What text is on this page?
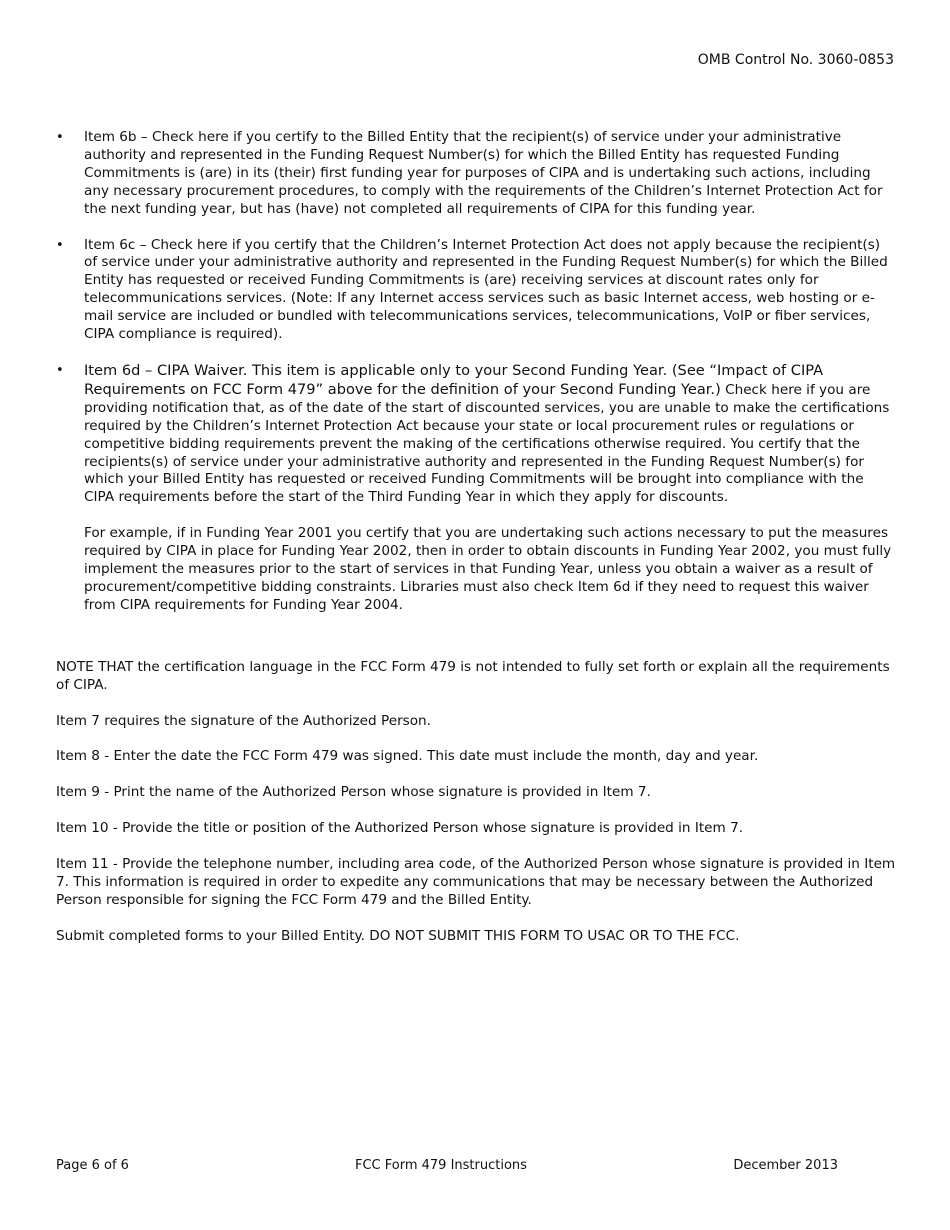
OMB Control No. 3060-0853
• Item 6b – Check here if you certify to the Billed Entity that the recipient(s) of service under your administrative authority and represented in the Funding Request Number(s) for which the Billed Entity has requested Funding Commitments is (are) in its (their) first funding year for purposes of CIPA and is undertaking such actions, including any necessary procurement procedures, to comply with the requirements of the Children’s Internet Protection Act for the next funding year, but has (have) not completed all requirements of CIPA for this funding year.

• Item 6c – Check here if you certify that the Children’s Internet Protection Act does not apply because the recipient(s) of service under your administrative authority and represented in the Funding Request Number(s) for which the Billed Entity has requested or received Funding Commitments is (are) receiving services at discount rates only for telecommunications services. (Note: If any Internet access services such as basic Internet access, web hosting or e-mail service are included or bundled with telecommunications services, telecommunications, VoIP or fiber services, CIPA compliance is required).

• Item 6d – CIPA Waiver. This item is applicable only to your Second Funding Year. (See “Impact of CIPA Requirements on FCC Form 479” above for the definition of your Second Funding Year.) Check here if you are providing notification that, as of the date of the start of discounted services, you are unable to make the certifications required by the Children’s Internet Protection Act because your state or local procurement rules or regulations or competitive bidding requirements prevent the making of the certifications otherwise required. You certify that the recipients(s) of service under your administrative authority and represented in the Funding Request Number(s) for which your Billed Entity has requested or received Funding Commitments will be brought into compliance with the CIPA requirements before the start of the Third Funding Year in which they apply for discounts.

For example, if in Funding Year 2001 you certify that you are undertaking such actions necessary to put the measures required by CIPA in place for Funding Year 2002, then in order to obtain discounts in Funding Year 2002, you must fully implement the measures prior to the start of services in that Funding Year, unless you obtain a waiver as a result of procurement/competitive bidding constraints. Libraries must also check Item 6d if they need to request this waiver from CIPA requirements for Funding Year 2004.

NOTE THAT the certification language in the FCC Form 479 is not intended to fully set forth or explain all the requirements of CIPA.

Item 7 requires the signature of the Authorized Person.

Item 8 - Enter the date the FCC Form 479 was signed. This date must include the month, day and year.

Item 9 - Print the name of the Authorized Person whose signature is provided in Item 7.

Item 10 - Provide the title or position of the Authorized Person whose signature is provided in Item 7.

Item 11 - Provide the telephone number, including area code, of the Authorized Person whose signature is provided in Item 7. This information is required in order to expedite any communications that may be necessary between the Authorized Person responsible for signing the FCC Form 479 and the Billed Entity.

Submit completed forms to your Billed Entity. DO NOT SUBMIT THIS FORM TO USAC OR TO THE FCC.

Page 6 of 6	FCC Form 479 Instructions	December 2013
